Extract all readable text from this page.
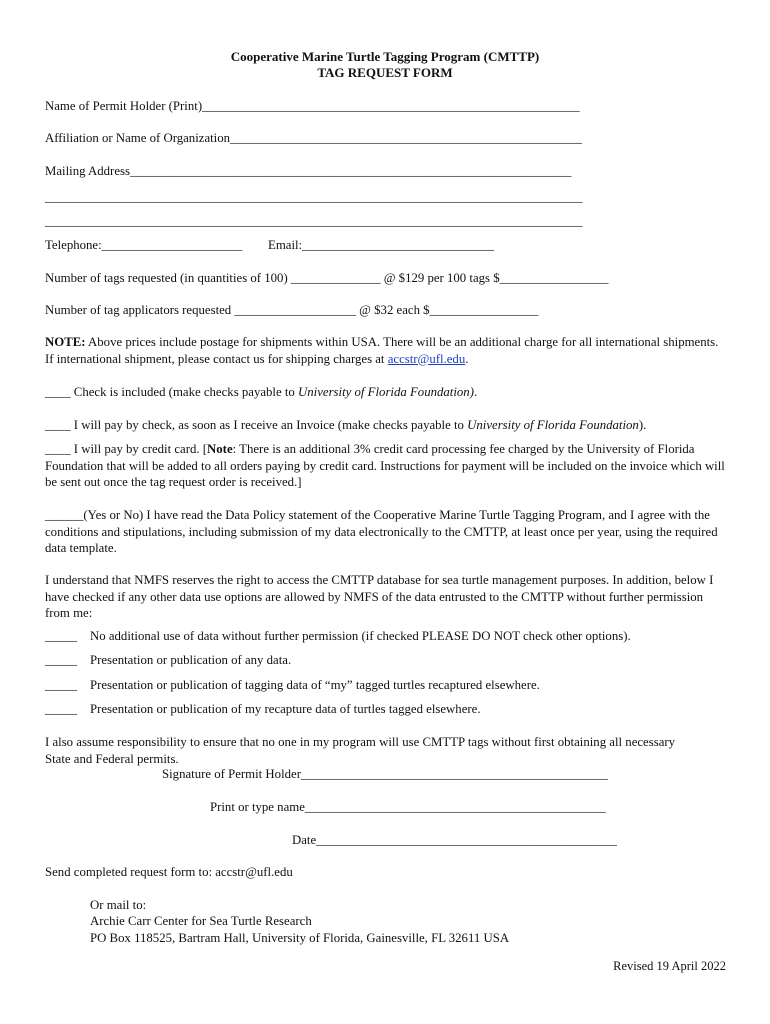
Cooperative Marine Turtle Tagging Program (CMTTP)
TAG REQUEST FORM
Name of Permit Holder (Print)___________________________________________________________
Affiliation or Name of Organization_______________________________________________________
Mailing Address_____________________________________________________________________
____________________________________________________________________________________
____________________________________________________________________________________
Telephone:______________________ Email:______________________________
Number of tags requested (in quantities of 100) ______________ @ $129 per 100 tags $_________________
Number of tag applicators requested ___________________ @ $32 each $_________________
NOTE: Above prices include postage for shipments within USA. There will be an additional charge for all international shipments. If international shipment, please contact us for shipping charges at accstr@ufl.edu.
____ Check is included (make checks payable to University of Florida Foundation).
____ I will pay by check, as soon as I receive an Invoice (make checks payable to University of Florida Foundation).
____ I will pay by credit card. [Note: There is an additional 3% credit card processing fee charged by the University of Florida Foundation that will be added to all orders paying by credit card. Instructions for payment will be included on the invoice which will be sent out once the tag request order is received.]
______(Yes or No) I have read the Data Policy statement of the Cooperative Marine Turtle Tagging Program, and I agree with the conditions and stipulations, including submission of my data electronically to the CMTTP, at least once per year, using the required data template.
I understand that NMFS reserves the right to access the CMTTP database for sea turtle management purposes. In addition, below I have checked if any other data use options are allowed by NMFS of the data entrusted to the CMTTP without further permission from me:
_____ No additional use of data without further permission (if checked PLEASE DO NOT check other options).
_____ Presentation or publication of any data.
_____ Presentation or publication of tagging data of “my” tagged turtles recaptured elsewhere.
_____ Presentation or publication of my recapture data of turtles tagged elsewhere.
I also assume responsibility to ensure that no one in my program will use CMTTP tags without first obtaining all necessary State and Federal permits.
Signature of Permit Holder________________________________________________
Print or type name_______________________________________________
Date_______________________________________________
Send completed request form to: accstr@ufl.edu
Or mail to:
Archie Carr Center for Sea Turtle Research
PO Box 118525, Bartram Hall, University of Florida, Gainesville, FL 32611 USA
Revised 19 April 2022
